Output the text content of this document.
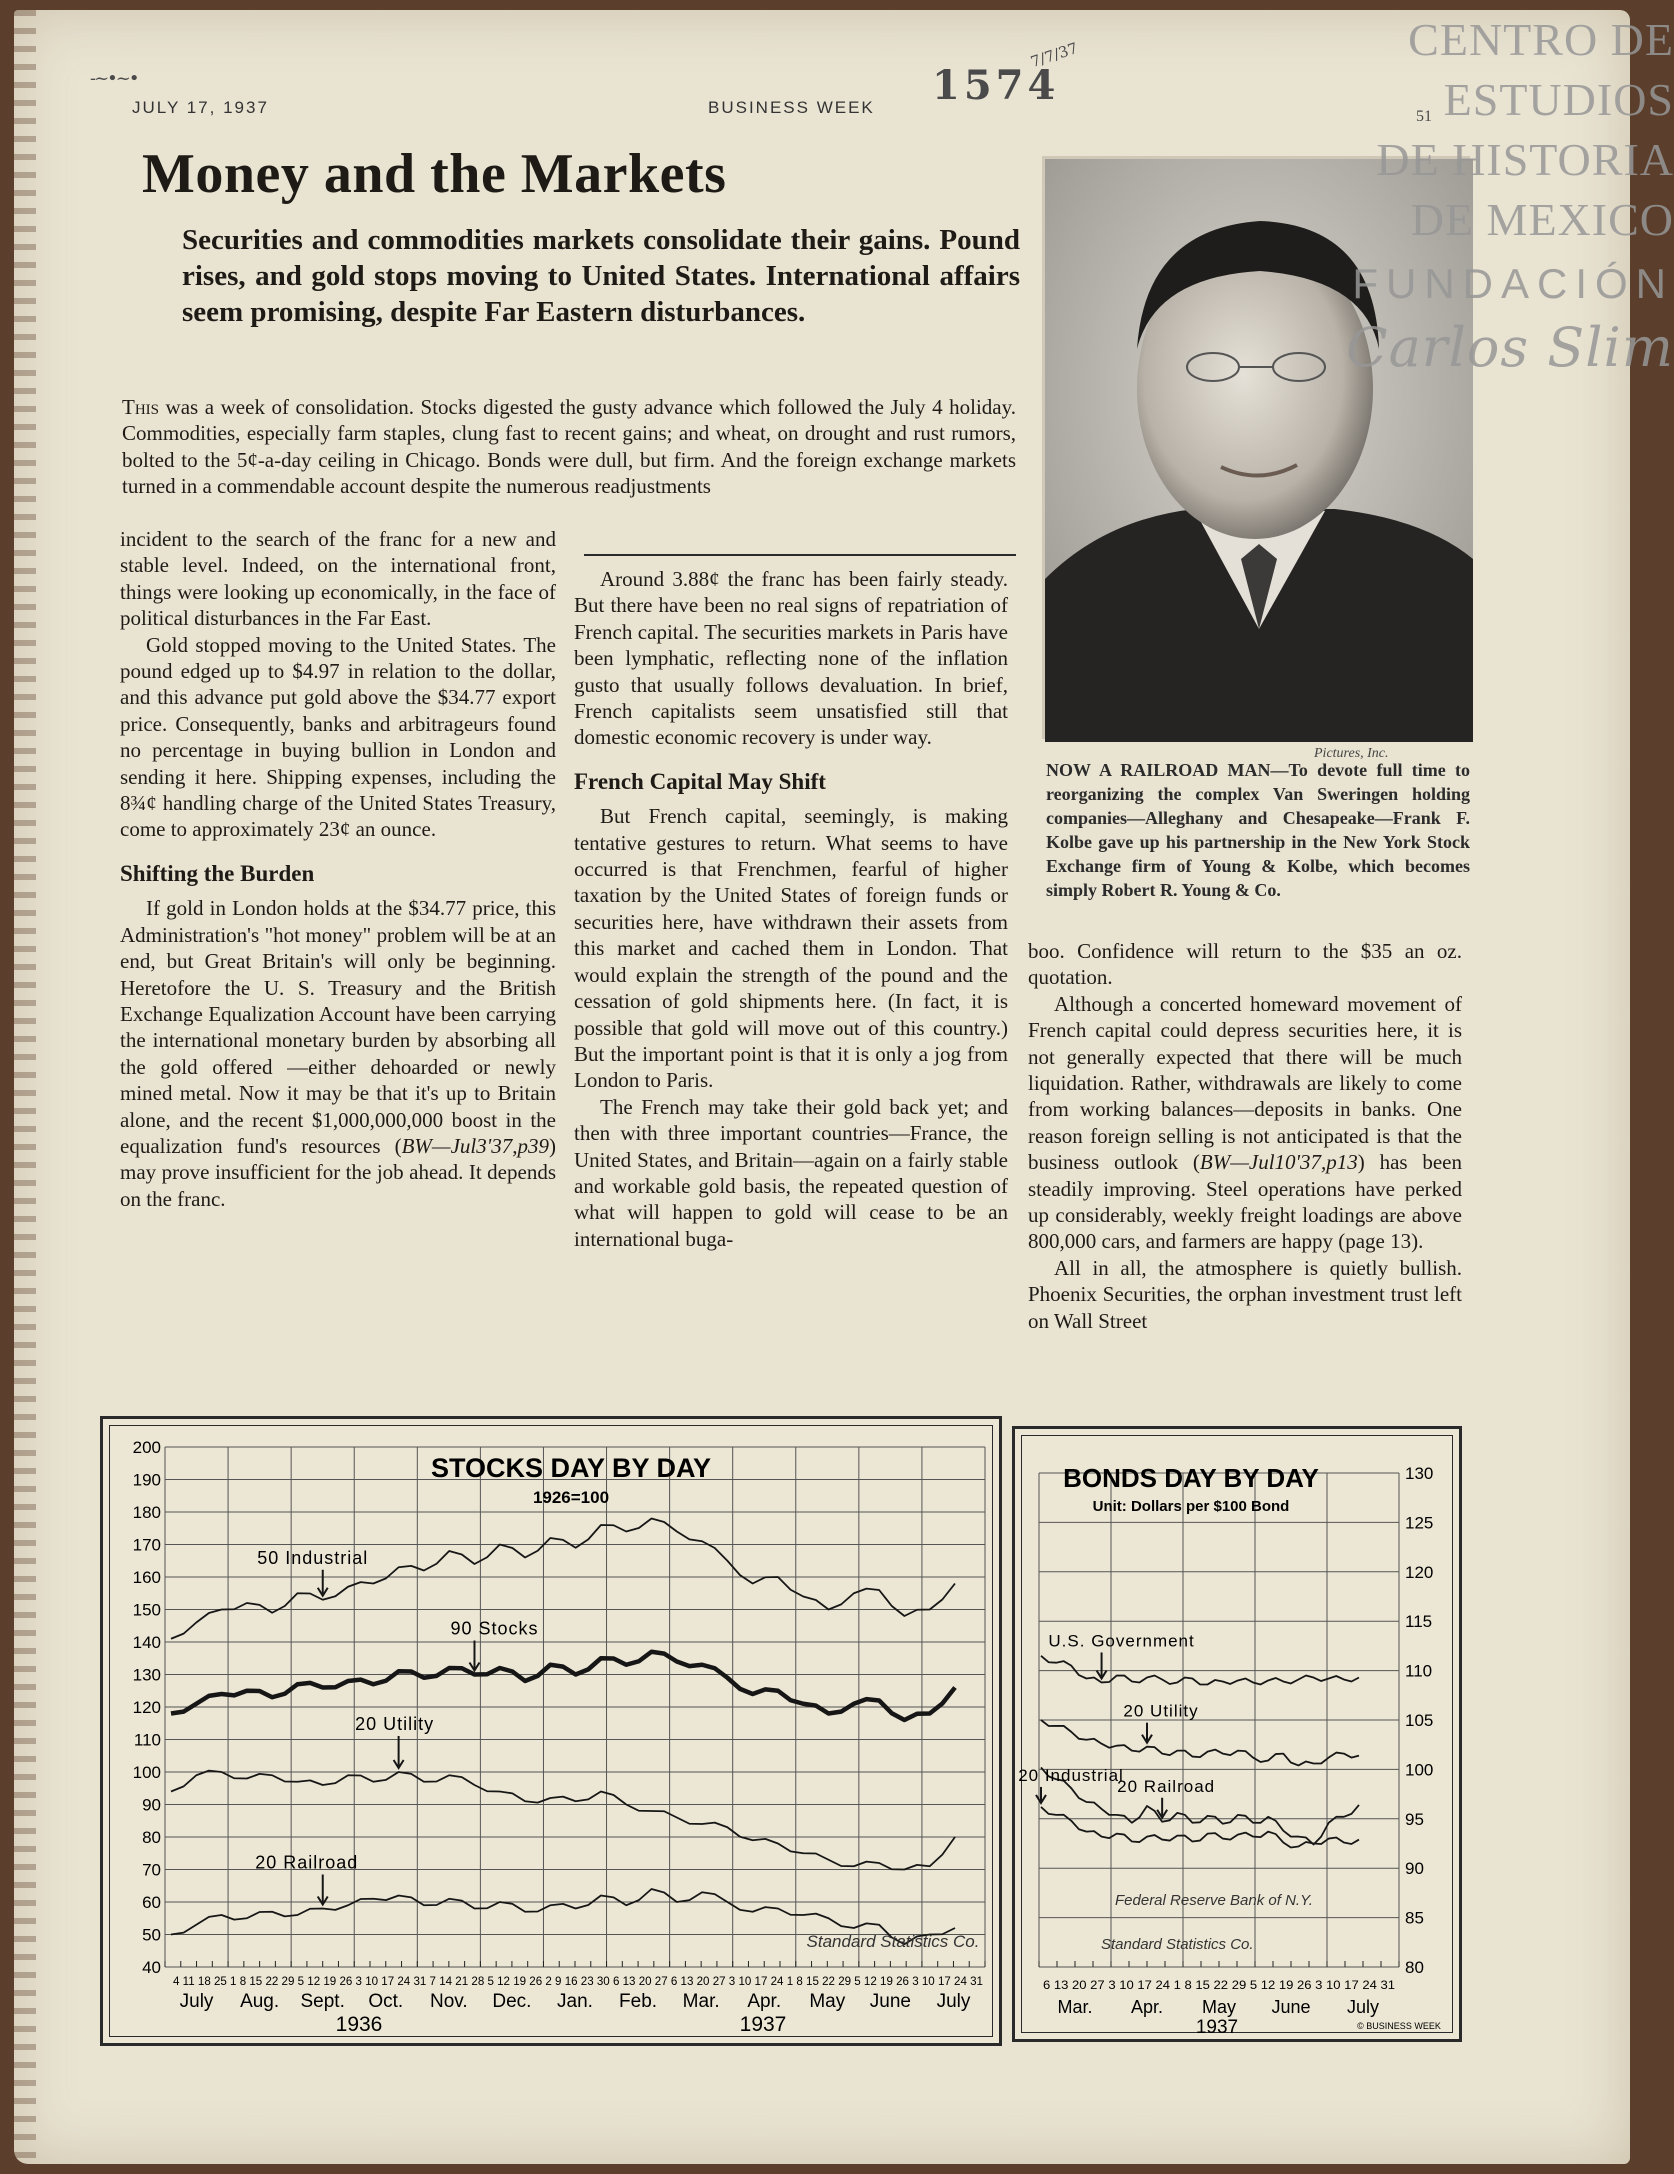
-~•~•
JULY 17, 1937	BUSINESS WEEK 1574
7/7/37
51
Money and the Markets
Securities and commodities markets consolidate their gains. Pound rises, and gold stops moving to United States. International affairs seem promising, despite Far Eastern disturbances.

This was a week of consolidation. Stocks digested the gusty advance which followed the July 4 holiday. Commodities, especially farm staples, clung fast to recent gains; and wheat, on drought and rust rumors, bolted to the 5¢-a-day ceiling in Chicago. Bonds were dull, but firm. And the foreign exchange markets turned in a commendable account despite the numerous readjustments

incident to the search of the franc for a new and stable level. Indeed, on the international front, things were looking up economically, in the face of political disturbances in the Far East.

Gold stopped moving to the United States. The pound edged up to $4.97 in relation to the dollar, and this advance put gold above the $34.77 export price. Consequently, banks and arbitrageurs found no percentage in buying bullion in London and sending it here. Shipping expenses, including the 8¾¢ handling charge of the United States Treasury, come to approximately 23¢ an ounce.

Shifting the Burden

If gold in London holds at the $34.77 price, this Administration's "hot money" problem will be at an end, but Great Britain's will only be beginning. Heretofore the U. S. Treasury and the British Exchange Equalization Account have been carrying the international monetary burden by absorbing all the gold offered —either dehoarded or newly mined metal. Now it may be that it's up to Britain alone, and the recent $1,000,000,000 boost in the equalization fund's resources (BW—Jul3'37,p39) may prove insufficient for the job ahead. It depends on the franc.

Around 3.88¢ the franc has been fairly steady. But there have been no real signs of repatriation of French capital. The securities markets in Paris have been lymphatic, reflecting none of the inflation gusto that usually follows devaluation. In brief, French capitalists seem unsatisfied still that domestic economic recovery is under way.

French Capital May Shift

But French capital, seemingly, is making tentative gestures to return. What seems to have occurred is that Frenchmen, fearful of higher taxation by the United States of foreign funds or securities here, have withdrawn their assets from this market and cached them in London. That would explain the strength of the pound and the cessation of gold shipments here. (In fact, it is possible that gold will move out of this country.) But the important point is that it is only a jog from London to Paris.

The French may take their gold back yet; and then with three important countries—France, the United States, and Britain—again on a fairly stable and workable gold basis, the repeated question of what will happen to gold will cease to be an international buga-

Pictures, Inc.
NOW A RAILROAD MAN—To devote full time to reorganizing the complex Van Sweringen holding companies—Alleghany and Chesapeake—Frank F. Kolbe gave up his partnership in the New York Stock Exchange firm of Young & Kolbe, which becomes simply Robert R. Young & Co.

boo. Confidence will return to the $35 an oz. quotation.

Although a concerted homeward movement of French capital could depress securities here, it is not generally expected that there will be much liquidation. Rather, withdrawals are likely to come from working balances—deposits in banks. One reason foreign selling is not anticipated is that the business outlook (BW—Jul10'37,p13) has been steadily improving. Steel operations have perked up considerably, weekly freight loadings are above 800,000 cars, and farmers are happy (page 13).

All in all, the atmosphere is quietly bullish. Phoenix Securities, the orphan investment trust left on Wall Street

200
190
180
170
160
150
140
130
120
110
100
90
80
70
60
50
40
50 Industrial
90 Stocks
20 Utility
20 Railroad
STOCKS DAY BY DAY
1926=100
Standard Statistics Co.
4 11 18 25 1 8 15 22 29 5 12 19 26 3 10 17 24 31 7 14 21 28 5 12 19 26 2 9 16 23 30 6 13 20 27 6 13 20 27 3 10 17 24 1 8 15 22 29 5 12 19 26 3 10 17 24 31
July Aug. Sept. Oct. Nov. Dec. Jan. Feb. Mar. Apr. May June July
1936	1937
130
125
120
115
110
105
100
95
90
85
80
U.S. Government
20 Utility
20 Railroad
20 Industrial
BONDS DAY BY DAY
Unit: Dollars per $100 Bond
Federal Reserve Bank of N.Y.
Standard Statistics Co.
6 13 20 27 3 10 17 24 1 8 15 22 29 5 12 19 26 3 10 17 24 31
Mar. Apr. May June July
1937	© BUSINESS WEEK
CENTRO DE
ESTUDIOS
DE HISTORIA
DE MEXICO
FUNDACIÓN
Carlos Slim
